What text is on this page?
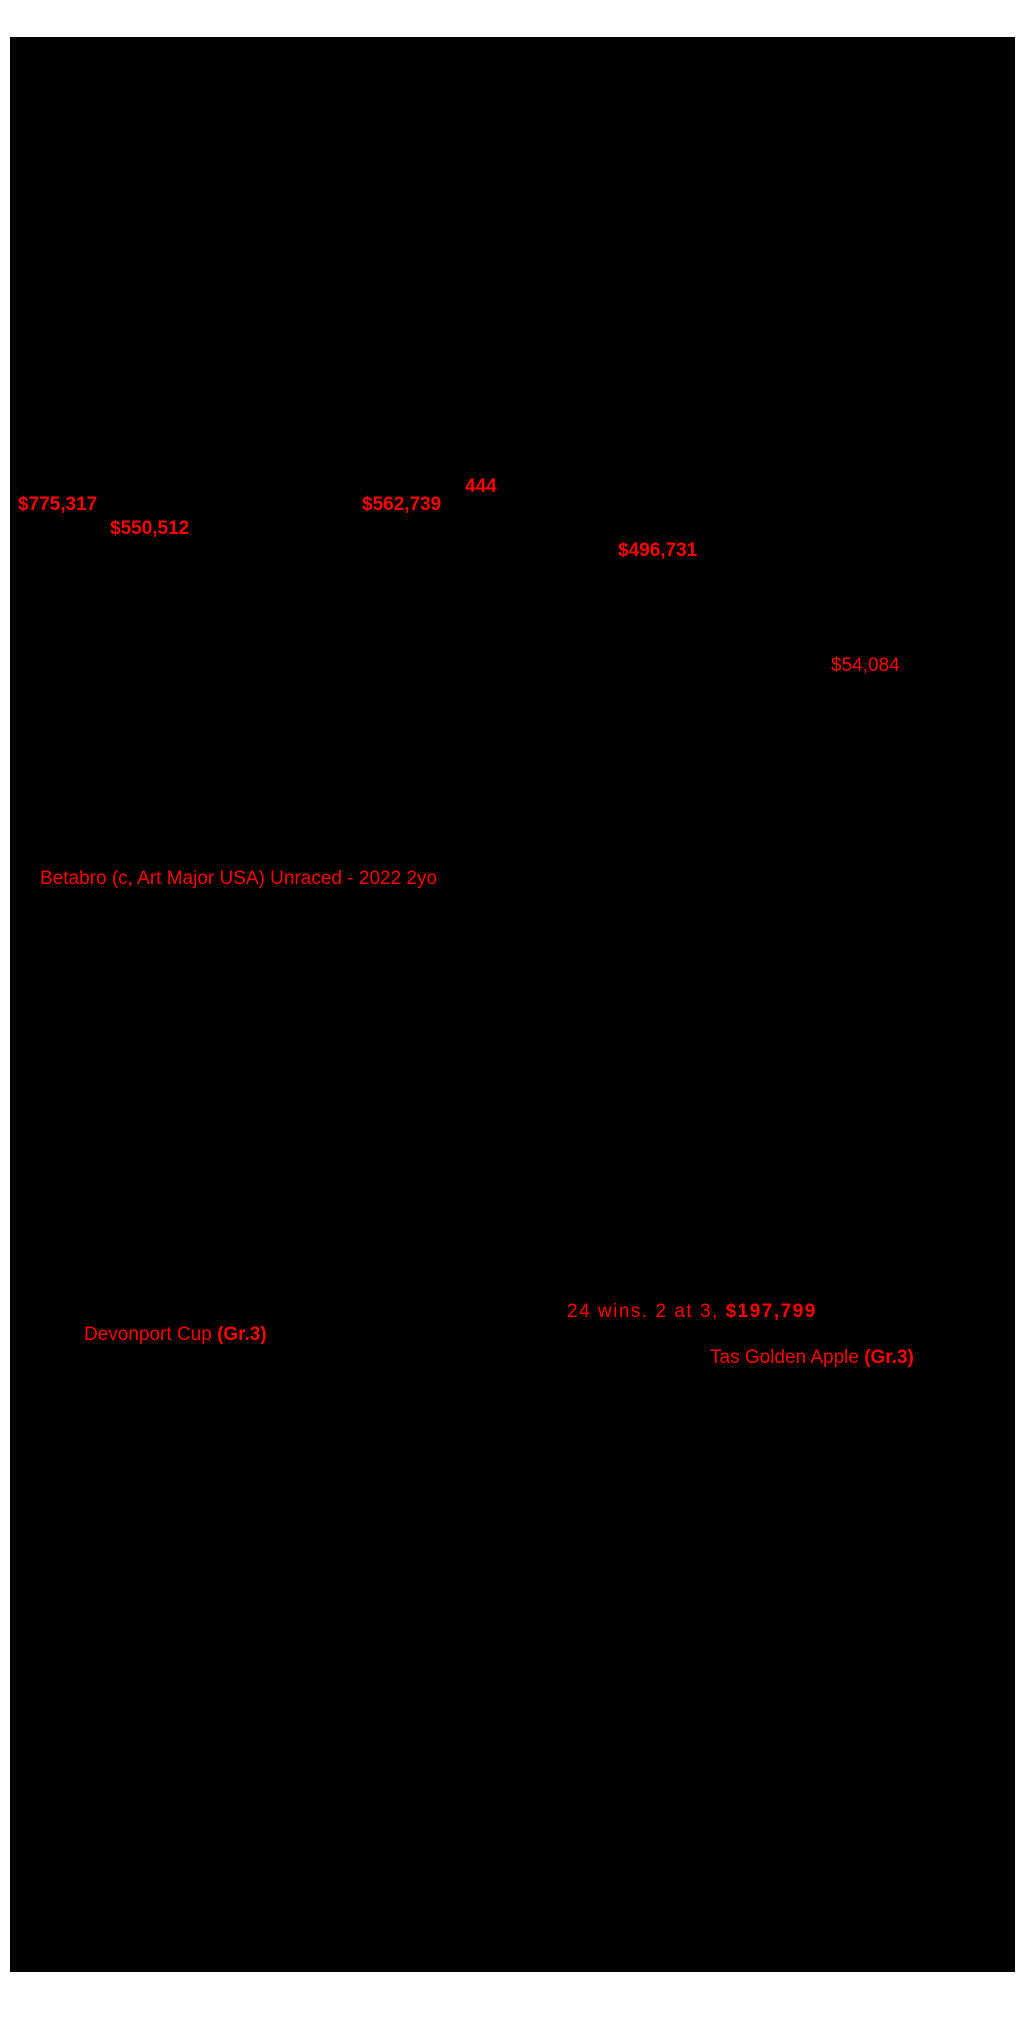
444
$775,317	$562,739
$550,512
$496,731
$54,084
Betabro (c, Art Major USA) Unraced - 2022 2yo
Devonport Cup (Gr.3)
24 wins. 2 at 3, $197,799
Tas Golden Apple (Gr.3)
